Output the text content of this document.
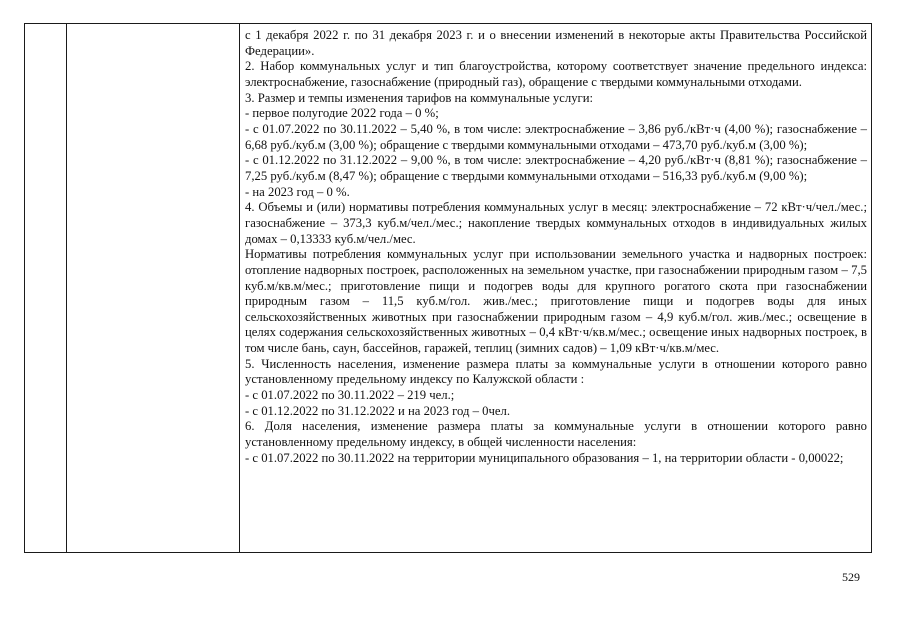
с 1 декабря 2022 г. по 31 декабря 2023 г. и о внесении изменений в некоторые акты Правительства Российской Федерации».

2. Набор коммунальных услуг и тип благоустройства, которому соответствует значение предельного индекса: электроснабжение, газоснабжение (природный газ), обращение с твердыми коммунальными отходами.

3. Размер и темпы изменения тарифов на коммунальные услуги:

- первое полугодие 2022 года – 0 %;

- с 01.07.2022 по 30.11.2022 – 5,40 %, в том числе: электроснабжение – 3,86 руб./кВт·ч (4,00 %); газоснабжение – 6,68 руб./куб.м (3,00 %); обращение с твердыми коммунальными отходами – 473,70 руб./куб.м (3,00 %);

- с 01.12.2022 по 31.12.2022 – 9,00 %, в том числе: электроснабжение – 4,20 руб./кВт·ч (8,81 %); газоснабжение – 7,25 руб./куб.м (8,47 %); обращение с твердыми коммунальными отходами – 516,33 руб./куб.м (9,00 %);

- на 2023 год – 0 %.

4. Объемы и (или) нормативы потребления коммунальных услуг в месяц: электроснабжение – 72 кВт·ч/чел./мес.; газоснабжение – 373,3 куб.м/чел./мес.; накопление твердых коммунальных отходов в индивидуальных жилых домах – 0,13333 куб.м/чел./мес.

Нормативы потребления коммунальных услуг при использовании земельного участка и надворных построек: отопление надворных построек, расположенных на земельном участке, при газоснабжении природным газом – 7,5 куб.м/кв.м/мес.; приготовление пищи и подогрев воды для крупного рогатого скота при газоснабжении природным газом – 11,5 куб.м/гол. жив./мес.; приготовление пищи и подогрев воды для иных сельскохозяйственных животных при газоснабжении природным газом – 4,9 куб.м/гол. жив./мес.; освещение в целях содержания сельскохозяйственных животных – 0,4 кВт·ч/кв.м/мес.; освещение иных надворных построек, в том числе бань, саун, бассейнов, гаражей, теплиц (зимних садов) – 1,09 кВт·ч/кв.м/мес.

5. Численность населения, изменение размера платы за коммунальные услуги в отношении которого равно установленному предельному индексу по Калужской области :

- с 01.07.2022 по 30.11.2022 – 219 чел.;

- с 01.12.2022 по 31.12.2022 и на 2023 год – 0чел.

6. Доля населения, изменение размера платы за коммунальные услуги в отношении которого равно установленному предельному индексу, в общей численности населения:

- с 01.07.2022 по 30.11.2022 на территории муниципального образования – 1, на территории области - 0,00022;

529
